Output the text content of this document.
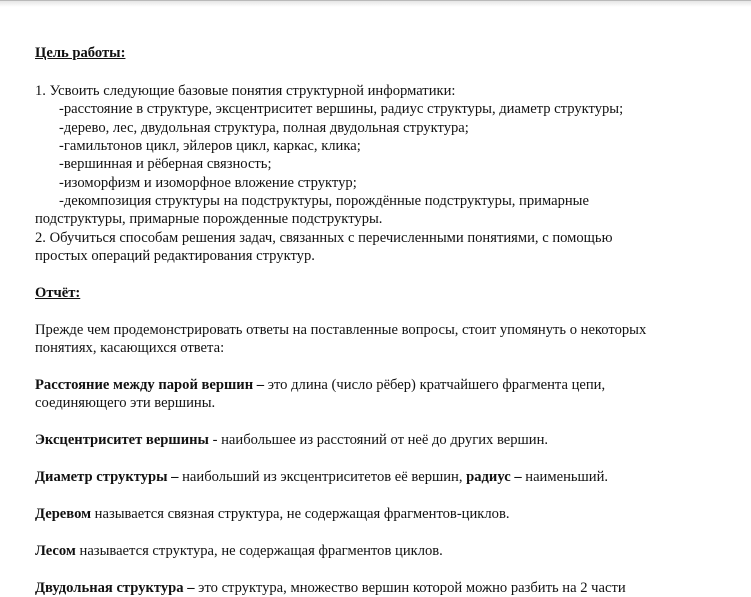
Цель работы:
1. Усвоить следующие базовые понятия структурной информатики:
-расстояние в структуре, эксцентриситет вершины, радиус структуры, диаметр структуры;
-дерево, лес, двудольная структура, полная двудольная структура;
-гамильтонов цикл, эйлеров цикл, каркас, клика;
-вершинная и рёберная связность;
-изоморфизм и изоморфное вложение структур;
-декомпозиция структуры на подструктуры, порождённые подструктуры, примарные
подструктуры, примарные порожденные подструктуры.
2. Обучиться способам решения задач, связанных с перечисленными понятиями, с помощью
простых операций редактирования структур.
Отчёт:
Прежде чем продемонстрировать ответы на поставленные вопросы, стоит упомянуть о некоторых
понятиях, касающихся ответа:
Расстояние между парой вершин – это длина (число рёбер) кратчайшего фрагмента цепи,
соединяющего эти вершины.
Эксцентриситет вершины - наибольшее из расстояний от неё до других вершин.
Диаметр структуры – наибольший из эксцентриситетов её вершин, радиус – наименьший.
Деревом называется связная структура, не содержащая фрагментов-циклов.
Лесом называется структура, не содержащая фрагментов циклов.
Двудольная структура – это структура, множество вершин которой можно разбить на 2 части
